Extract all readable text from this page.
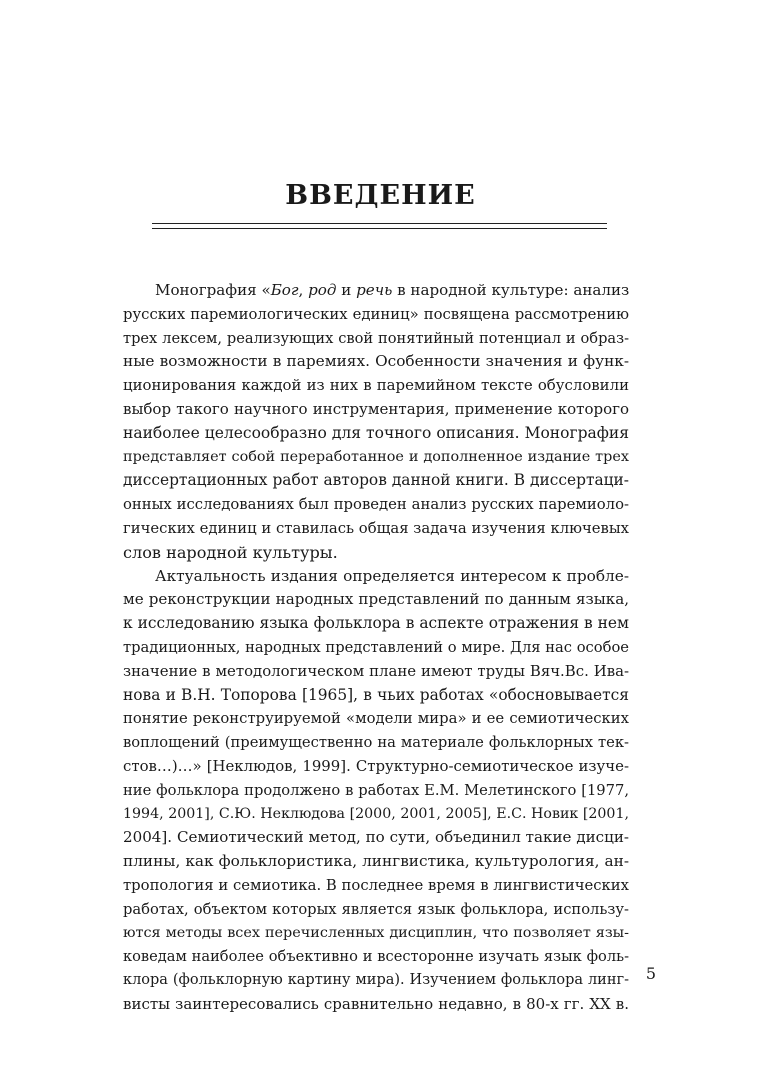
ВВЕДЕНИЕ
Монография «Бог, род и речь в народной культуре: анализ
русских паремиологических единиц» посвящена рассмотрению
трех лексем, реализующих свой понятийный потенциал и образ-
ные возможности в паремиях. Особенности значения и функ-
ционирования каждой из них в паремийном тексте обусловили
выбор такого научного инструментария, применение которого
наиболее целесообразно для точного описания. Монография
представляет собой переработанное и дополненное издание трех
диссертационных работ авторов данной книги. В диссертаци-
онных исследованиях был проведен анализ русских паремиоло-
гических единиц и ставилась общая задача изучения ключевых
слов народной культуры.
Актуальность издания определяется интересом к пробле-
ме реконструкции народных представлений по данным языка,
к исследованию языка фольклора в аспекте отражения в нем
традиционных, народных представлений о мире. Для нас особое
значение в методологическом плане имеют труды Вяч.Вс. Ива-
нова и В.Н. Топорова [1965], в чьих работах «обосновывается
понятие реконструируемой «модели мира» и ее семиотических
воплощений (преимущественно на материале фольклорных тек-
стов…)…» [Неклюдов, 1999]. Структурно-семиотическое изуче-
ние фольклора продолжено в работах Е.М. Мелетинского [1977,
1994, 2001], С.Ю. Неклюдова [2000, 2001, 2005], Е.С. Новик [2001,
2004]. Семиотический метод, по сути, объединил такие дисци-
плины, как фольклористика, лингвистика, культурология, ан-
тропология и семиотика. В последнее время в лингвистических
работах, объектом которых является язык фольклора, использу-
ются методы всех перечисленных дисциплин, что позволяет язы-
коведам наиболее объективно и всесторонне изучать язык фоль-
клора (фольклорную картину мира). Изучением фольклора линг-
висты заинтересовались сравнительно недавно, в 80-х гг. XX в.
5
